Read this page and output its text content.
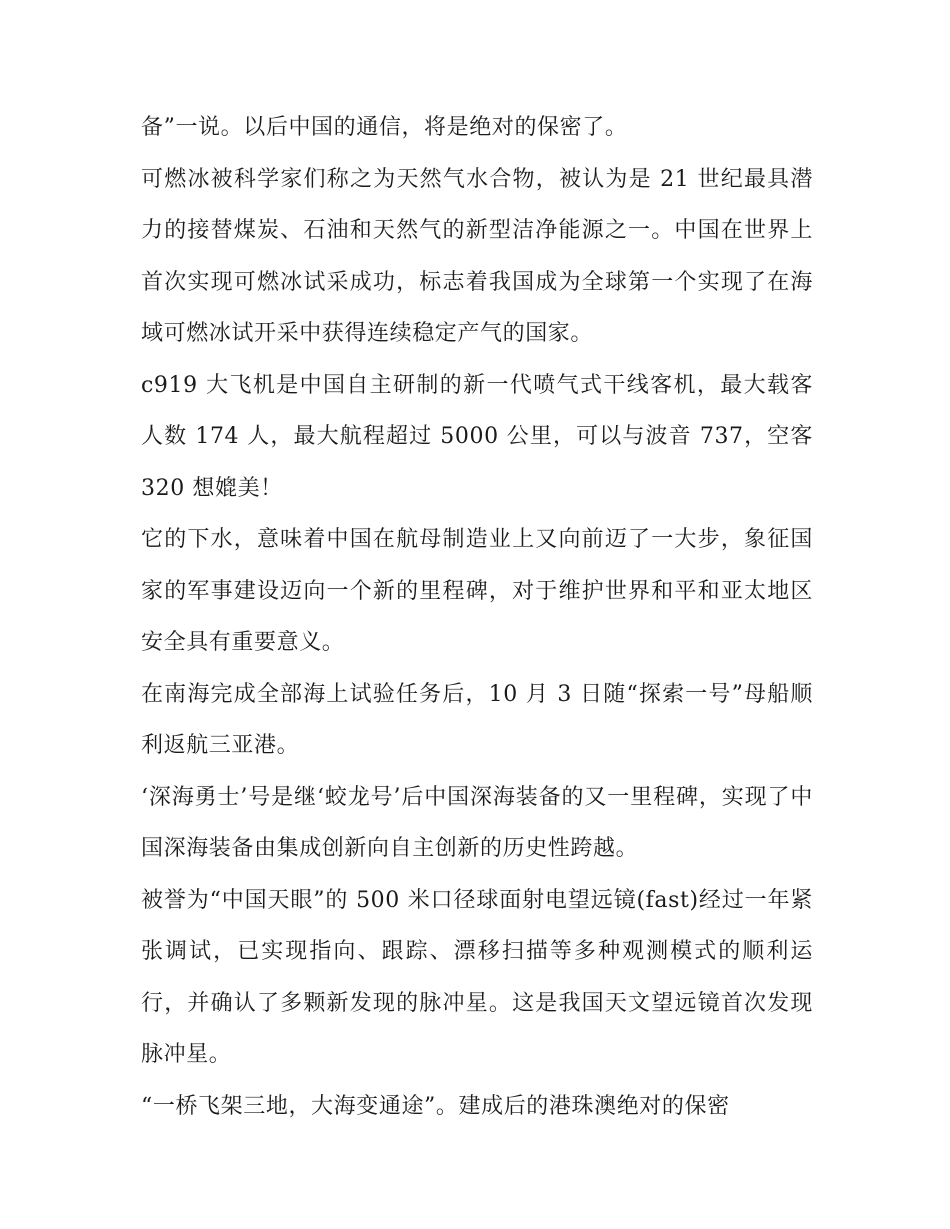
备”一说。以后中国的通信，将是绝对的保密了。

可燃冰被科学家们称之为天然气水合物，被认为是 21 世纪最具潜力的接替煤炭、石油和天然气的新型洁净能源之一。中国在世界上首次实现可燃冰试采成功，标志着我国成为全球第一个实现了在海域可燃冰试开采中获得连续稳定产气的国家。

c919 大飞机是中国自主研制的新一代喷气式干线客机，最大载客人数 174 人，最大航程超过 5000 公里，可以与波音 737，空客 320 想媲美！

它的下水，意味着中国在航母制造业上又向前迈了一大步，象征国家的军事建设迈向一个新的里程碑，对于维护世界和平和亚太地区安全具有重要意义。

在南海完成全部海上试验任务后，10 月 3 日随“探索一号”母船顺利返航三亚港。

‘深海勇士’号是继‘蛟龙号’后中国深海装备的又一里程碑，实现了中国深海装备由集成创新向自主创新的历史性跨越。

被誉为“中国天眼”的 500 米口径球面射电望远镜(fast)经过一年紧张调试，已实现指向、跟踪、漂移扫描等多种观测模式的顺利运行，并确认了多颗新发现的脉冲星。这是我国天文望远镜首次发现脉冲星。

“一桥飞架三地，大海变通途”。建成后的港珠澳绝对的保密
